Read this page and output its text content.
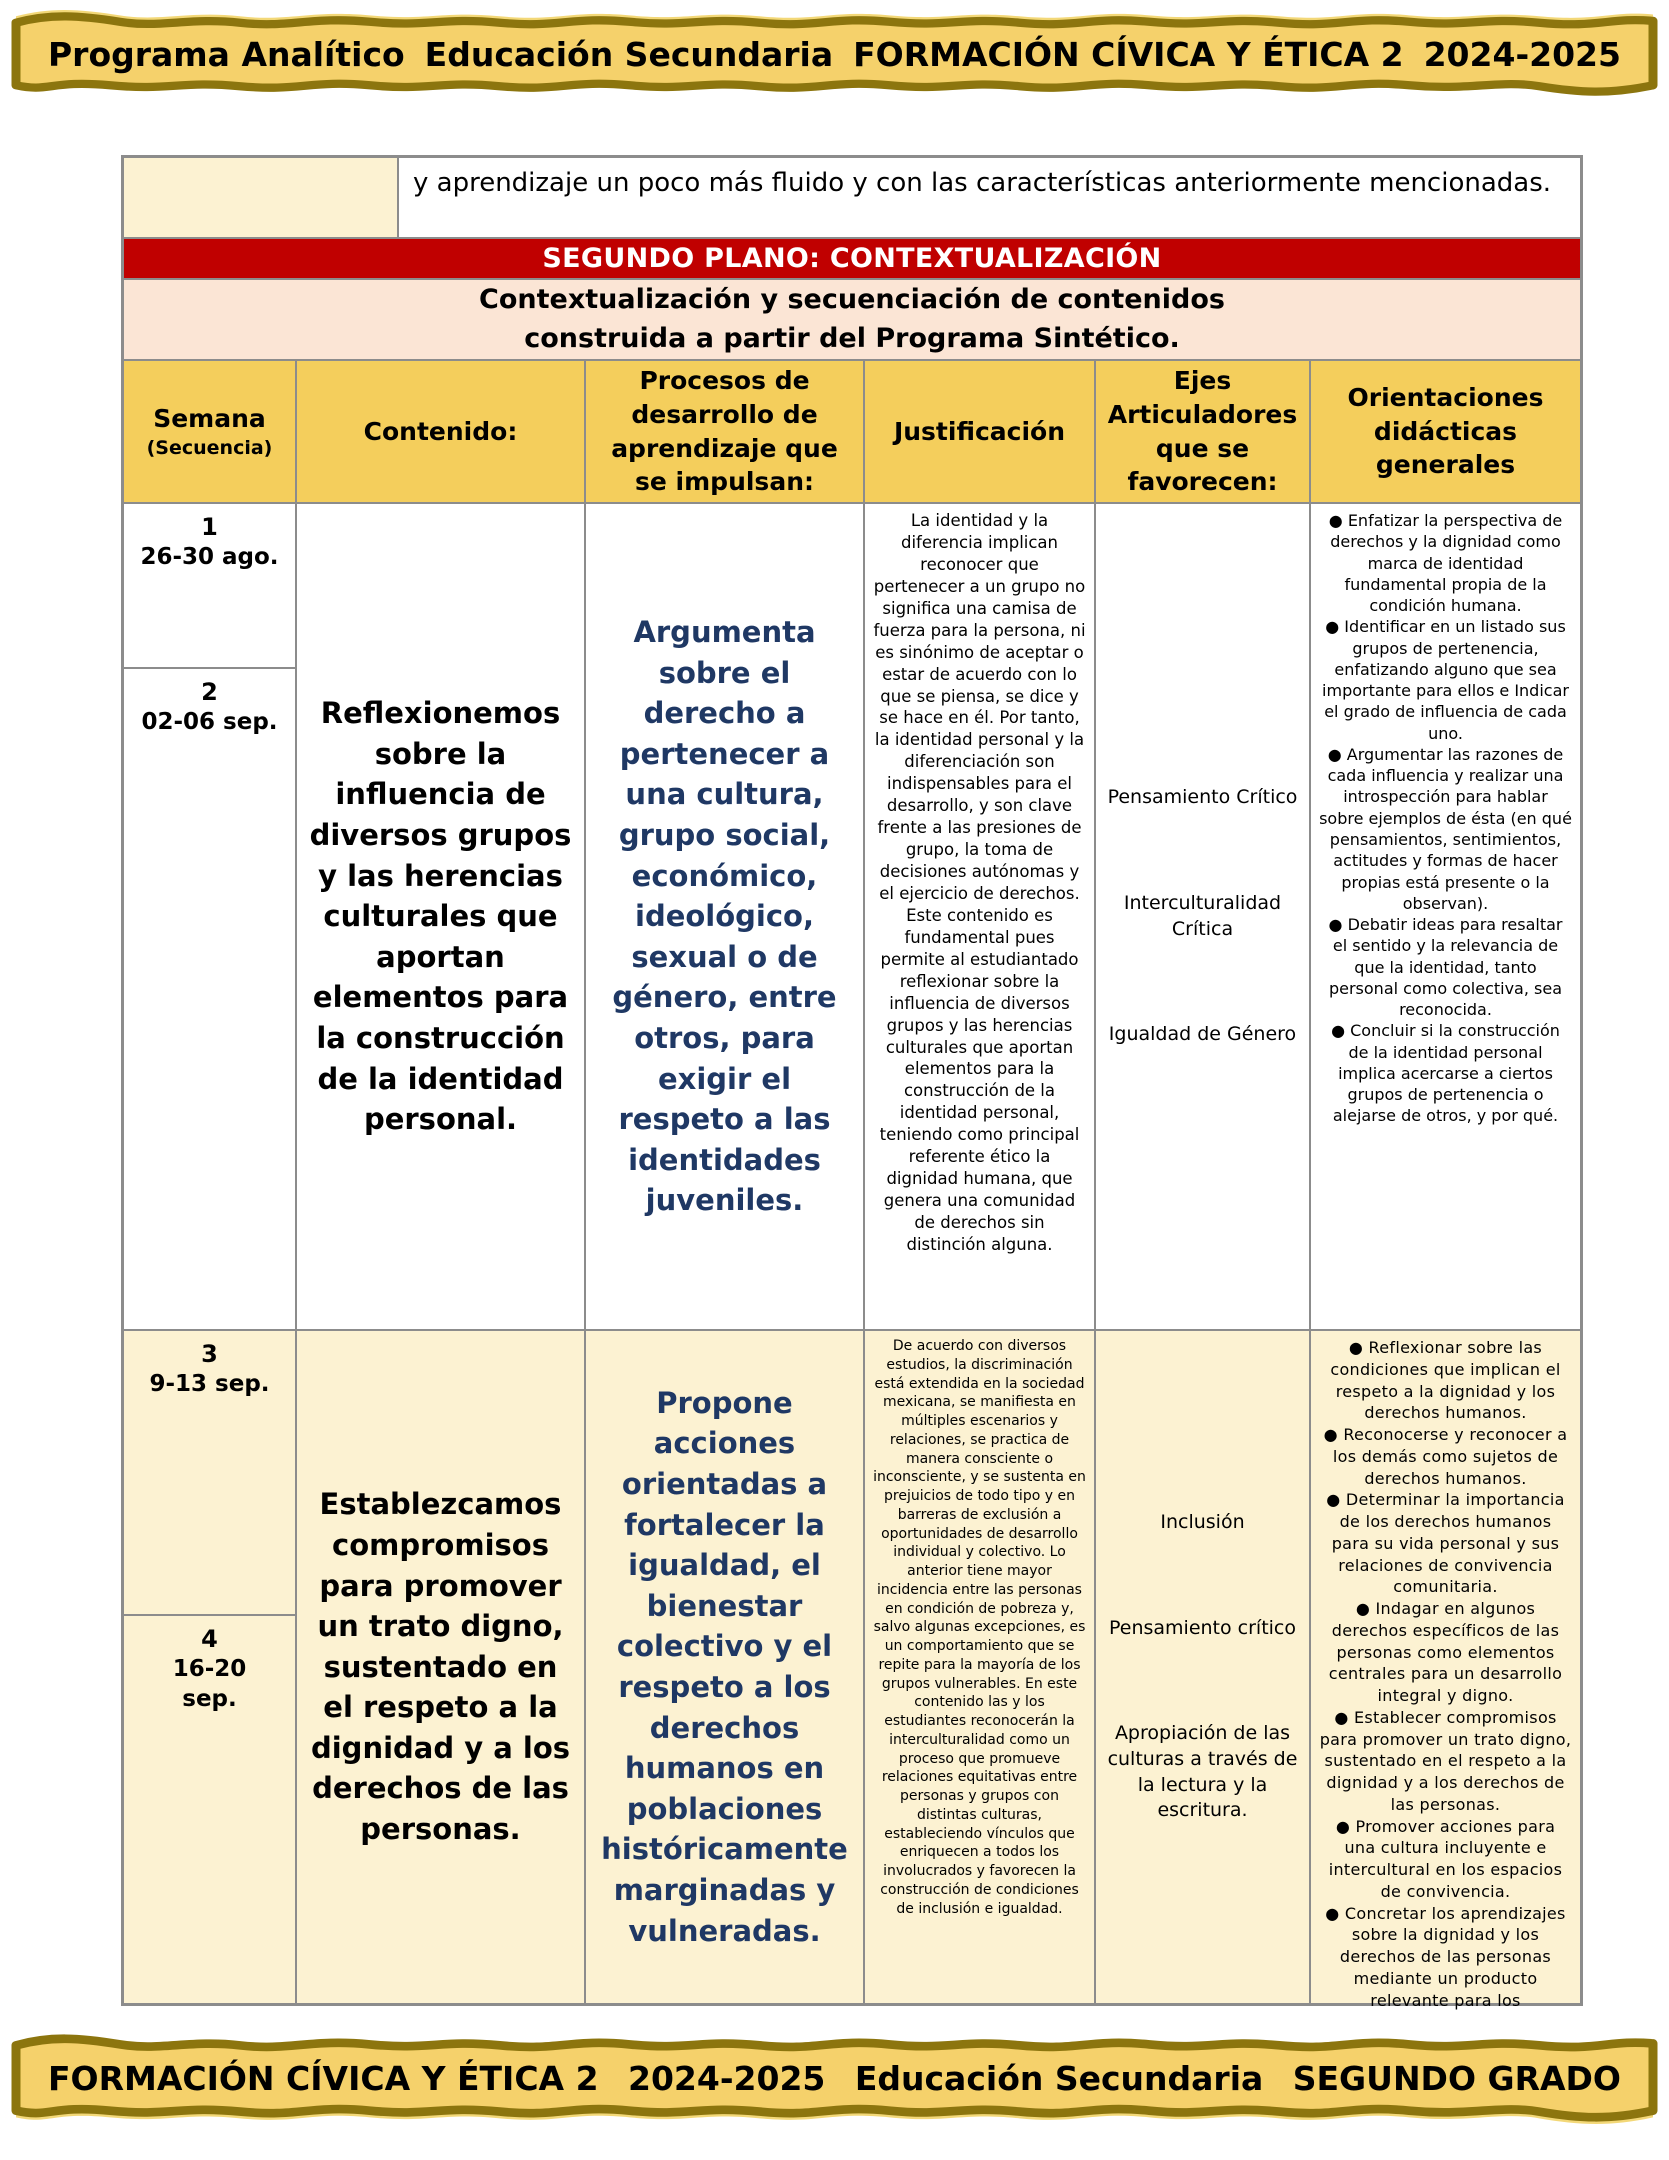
Programa Analítico Educación Secundaria FORMACIÓN CÍVICA Y ÉTICA 2 2024-2025

y aprendizaje un poco más fluido y con las características anteriormente mencionadas.

SEGUNDO PLANO: CONTEXTUALIZACIÓN
Contextualización y secuenciación de contenidos
construida a partir del Programa Sintético.
Semana
(Secuencia)
Contenido:
Procesos de desarrollo de aprendizaje que se impulsan:
Justificación
Ejes Articuladores que se favorecen:
Orientaciones didácticas generales
1
26-30 ago.
2
02-06 sep.	Reflexionemos sobre la influencia de diversos grupos y las herencias culturales que aportan elementos para la construcción de la identidad personal.

Argumenta sobre el derecho a pertenecer a una cultura, grupo social, económico, ideológico, sexual o de género, entre otros, para exigir el respeto a las identidades juveniles.

La identidad y la diferencia implican reconocer que pertenecer a un grupo no significa una camisa de fuerza para la persona, ni es sinónimo de aceptar o estar de acuerdo con lo que se piensa, se dice y se hace en él. Por tanto, la identidad personal y la diferenciación son indispensables para el desarrollo, y son clave frente a las presiones de grupo, la toma de decisiones autónomas y el ejercicio de derechos. Este contenido es fundamental pues permite al estudiantado reflexionar sobre la influencia de diversos grupos y las herencias culturales que aportan elementos para la construcción de la identidad personal, teniendo como principal referente ético la dignidad humana, que genera una comunidad de derechos sin distinción alguna.

Pensamiento Crítico
Interculturalidad Crítica
Igualdad de Género

● Enfatizar la perspectiva de derechos y la dignidad como marca de identidad fundamental propia de la condición humana.

● Identificar en un listado sus grupos de pertenencia, enfatizando alguno que sea importante para ellos e Indicar el grado de influencia de cada uno.

● Argumentar las razones de cada influencia y realizar una introspección para hablar sobre ejemplos de ésta (en qué pensamientos, sentimientos, actitudes y formas de hacer propias está presente o la observan).

● Debatir ideas para resaltar el sentido y la relevancia de que la identidad, tanto personal como colectiva, sea reconocida.

● Concluir si la construcción de la identidad personal implica acercarse a ciertos grupos de pertenencia o alejarse de otros, y por qué.

3
9-13 sep.
4
16-20 sep.

Establezcamos compromisos para promover un trato digno, sustentado en el respeto a la dignidad y a los derechos de las personas.

Propone acciones orientadas a fortalecer la igualdad, el bienestar colectivo y el respeto a los derechos humanos en poblaciones históricamente marginadas y vulneradas.

De acuerdo con diversos estudios, la discriminación está extendida en la sociedad mexicana, se manifiesta en múltiples escenarios y relaciones, se practica de manera consciente o inconsciente, y se sustenta en prejuicios de todo tipo y en barreras de exclusión a oportunidades de desarrollo individual y colectivo. Lo anterior tiene mayor incidencia entre las personas en condición de pobreza y, salvo algunas excepciones, es un comportamiento que se repite para la mayoría de los grupos vulnerables. En este contenido las y los estudiantes reconocerán la interculturalidad como un proceso que promueve relaciones equitativas entre personas y grupos con distintas culturas, estableciendo vínculos que enriquecen a todos los involucrados y favorecen la construcción de condiciones de inclusión e igualdad.

Inclusión
Pensamiento crítico
Apropiación de las culturas a través de la lectura y la escritura.

● Reflexionar sobre las condiciones que implican el respeto a la dignidad y los derechos humanos.

● Reconocerse y reconocer a los demás como sujetos de derechos humanos.

● Determinar la importancia de los derechos humanos para su vida personal y sus relaciones de convivencia comunitaria.

● Indagar en algunos derechos específicos de las personas como elementos centrales para un desarrollo integral y digno.

● Establecer compromisos para promover un trato digno, sustentado en el respeto a la dignidad y a los derechos de las personas.

● Promover acciones para una cultura incluyente e intercultural en los espacios de convivencia.

● Concretar los aprendizajes sobre la dignidad y los derechos de las personas mediante un producto relevante para los

FORMACIÓN CÍVICA Y ÉTICA 2 2024-2025 Educación Secundaria SEGUNDO GRADO
